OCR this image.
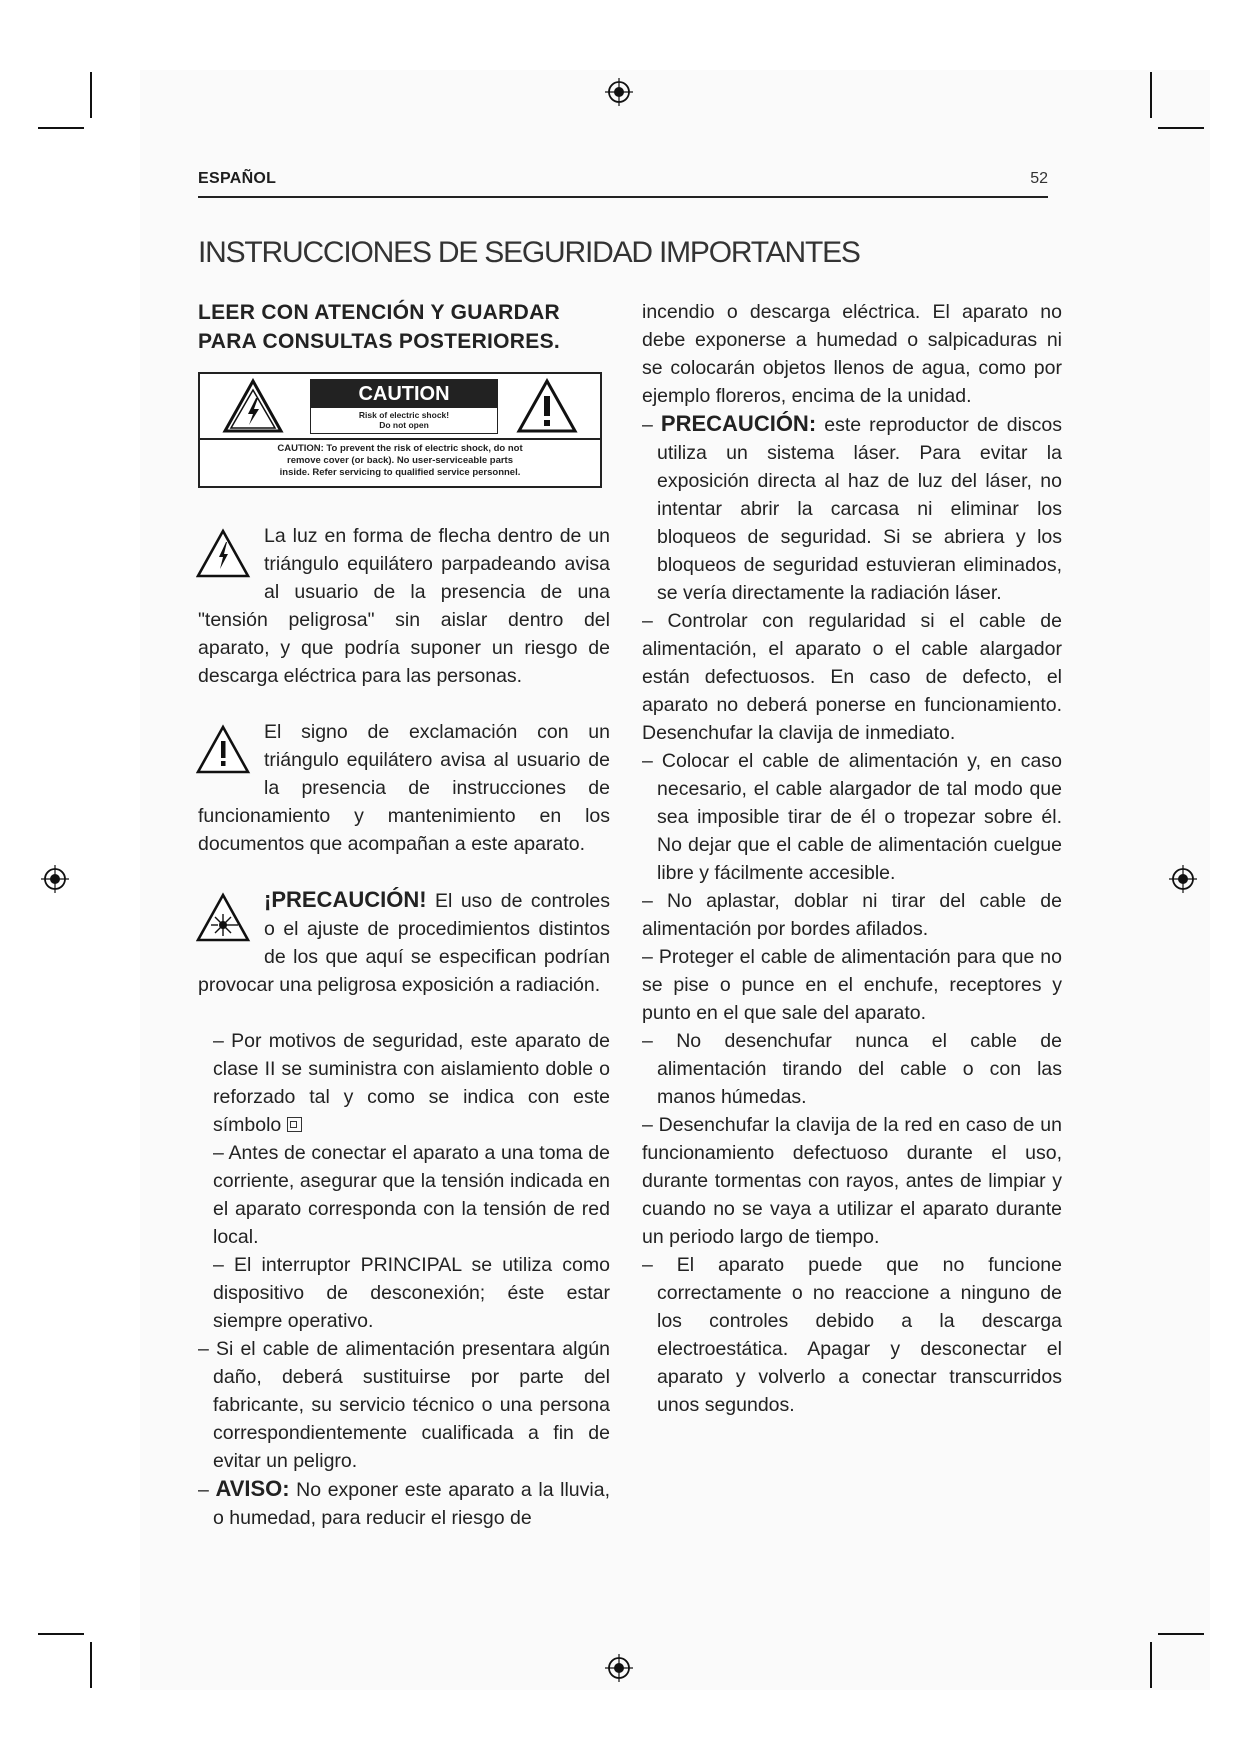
ESPAÑOL	52
INSTRUCCIONES DE SEGURIDAD IMPORTANTES

LEER CON ATENCIÓN Y GUARDAR
PARA CONSULTAS POSTERIORES.

CAUTION
Risk of electric shock!
Do not open
CAUTION: To prevent the risk of electric shock, do not
remove cover (or back). No user-serviceable parts
inside. Refer servicing to qualified service personnel.

La luz en forma de flecha dentro de un triángulo equilátero parpadeando avisa al usuario de la presencia de una "tensión peligrosa" sin aislar dentro del aparato, y que podría suponer un riesgo de descarga eléctrica para las personas.

El signo de exclamación con un triángulo equilátero avisa al usuario de la presencia de instrucciones de funcionamiento y mantenimiento en los documentos que acompañan a este aparato.

¡PRECAUCIÓN! El uso de controles o el ajuste de procedimientos distintos de los que aquí se especifican podrían provocar una peligrosa exposición a radiación.

– Por motivos de seguridad, este aparato de clase II se suministra con aislamiento doble o reforzado tal y como se indica con este símbolo

– Antes de conectar el aparato a una toma de corriente, asegurar que la tensión indicada en el aparato corresponda con la tensión de red local.

– El interruptor PRINCIPAL se utiliza como dispositivo de desconexión; éste estar siempre operativo.

– Si el cable de alimentación presentara algún daño, deberá sustituirse por parte del fabricante, su servicio técnico o una persona correspondientemente cualificada a fin de evitar un peligro.

– AVISO: No exponer este aparato a la lluvia, o humedad, para reducir el riesgo de

incendio o descarga eléctrica. El aparato no debe exponerse a humedad o salpicaduras ni se colocarán objetos llenos de agua, como por ejemplo floreros, encima de la unidad.

– PRECAUCIÓN: este reproductor de discos utiliza un sistema láser. Para evitar la exposición directa al haz de luz del láser, no intentar abrir la carcasa ni eliminar los bloqueos de seguridad. Si se abriera y los bloqueos de seguridad estuvieran eliminados, se vería directamente la radiación láser.

– Controlar con regularidad si el cable de alimentación, el aparato o el cable alargador están defectuosos. En caso de defecto, el aparato no deberá ponerse en funcionamiento. Desenchufar la clavija de inmediato.

– Colocar el cable de alimentación y, en caso necesario, el cable alargador de tal modo que sea imposible tirar de él o tropezar sobre él. No dejar que el cable de alimentación cuelgue libre y fácilmente accesible.

– No aplastar, doblar ni tirar del cable de alimentación por bordes afilados.

– Proteger el cable de alimentación para que no se pise o punce en el enchufe, receptores y punto en el que sale del aparato.

– No desenchufar nunca el cable de alimentación tirando del cable o con las manos húmedas.

– Desenchufar la clavija de la red en caso de un funcionamiento defectuoso durante el uso, durante tormentas con rayos, antes de limpiar y cuando no se vaya a utilizar el aparato durante un periodo largo de tiempo.

– El aparato puede que no funcione correctamente o no reaccione a ninguno de los controles debido a la descarga electroestática. Apagar y desconectar el aparato y volverlo a conectar transcurridos unos segundos.
